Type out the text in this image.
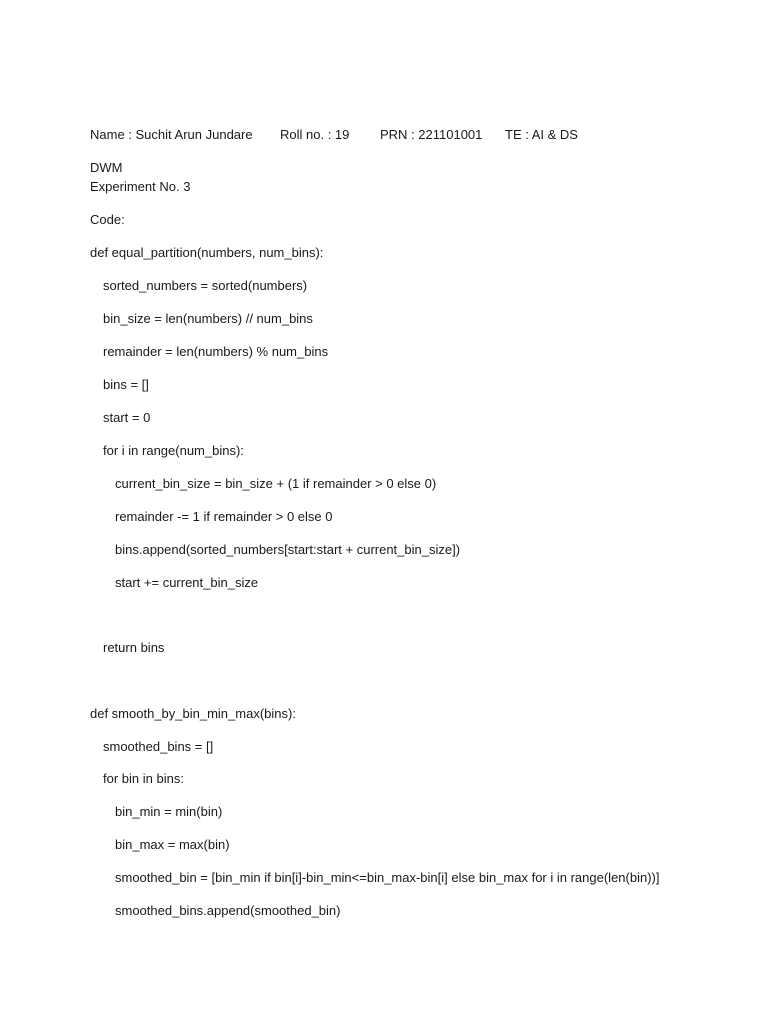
Name : Suchit Arun Jundare Roll no. : 19 PRN : 221101001 TE : AI & DS
DWM
Experiment No. 3
Code:
def equal_partition(numbers, num_bins):
sorted_numbers = sorted(numbers)
bin_size = len(numbers) // num_bins
remainder = len(numbers) % num_bins
bins = []
start = 0
for i in range(num_bins):
current_bin_size = bin_size + (1 if remainder > 0 else 0)
remainder -= 1 if remainder > 0 else 0
bins.append(sorted_numbers[start:start + current_bin_size])
start += current_bin_size
return bins
def smooth_by_bin_min_max(bins):
smoothed_bins = []
for bin in bins:
bin_min = min(bin)
bin_max = max(bin)
smoothed_bin = [bin_min if bin[i]-bin_min<=bin_max-bin[i] else bin_max for i in range(len(bin))]
smoothed_bins.append(smoothed_bin)
